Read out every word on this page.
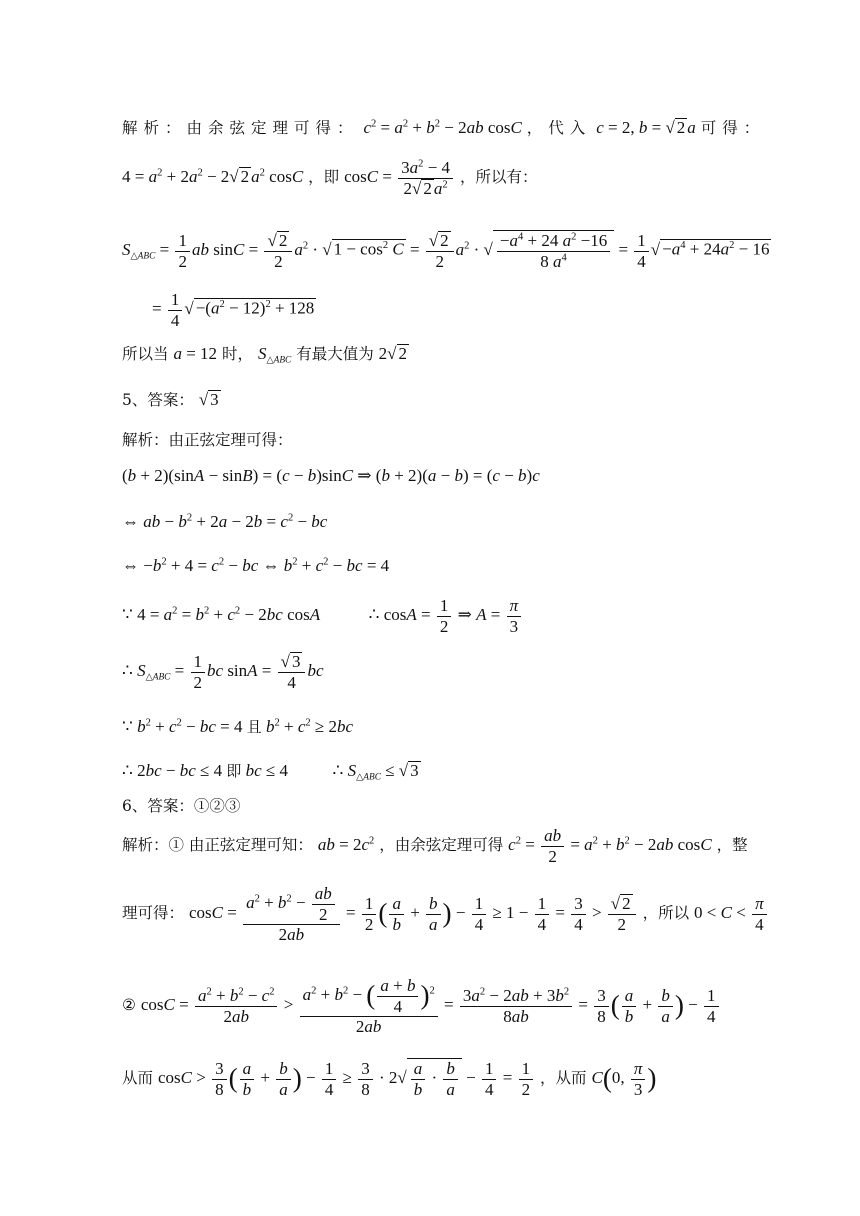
解析：由余弦定理可得： $c^2 = a^2 + b^2 - 2ab$ cosC ，代入 c = 2, b = √ 2 a 可得：
$4 = a^2 + 2a^2 - 2√$ 2 $a^2$ cosC ，即 $\cos C = \frac{3a^2 - 4}{2√ 2 a^2}$ ，所以有：
$S_{\triangle ABC} = \frac{1}{2}$ ab $\sin C = \frac{√ 2}{2} a^2$ · √ $1 - \cos^2 C = \frac{√ 2}{2} a^2$ · √ $\frac{-a^4 + 24 a^2 -16}{8 a^4} = \frac{1}{4}$ √ $-a^4 + 24a^2 - 16$
= $\frac{1}{4}$ √ $-(a^2 - 12)^2 + 128$
所以当 a = 12 时， $S_{\triangle ABC}$ 有最大值为 2√ 2
5、答案： √ 3
解析：由正弦定理可得：
(b + 2)(sinA − sinB) = (c − b)sinC ⇒ (b + 2)(a − b) = (c − b)c
⇔ ab − $b^2 + 2a - 2b = c^2$ − bc
⇔ $-b^2 + 4 = c^2$ − bc ⇔ $b^2 + c^2$ − bc = 4
∵ $4 = a^2 = b^2 + c^2 - 2bc$ cosA	∴ $\cos A = \frac{1}{2}$ ⇒ $A = \frac{\pi}{3}$
∴ $S_{\triangle ABC} = \frac{1}{2}$ bc $\sin A = \frac{√ 3}{4}$ bc
∵ $b^2 + c^2$ − bc = 4 且 $b^2 + c^2 \ge 2bc$
∴ 2bc − bc ≤ 4 即 bc ≤ 4  ∴ $S_{\triangle ABC}$ ≤ √ 3
6、答案：①②③
解析：① 由正弦定理可知： ab = $2c^2$ ，由余弦定理可得 $c^2 = \frac{ab}{2} = a^2 + b^2 - 2ab$ cosC ，整
理可得： $\cos C = \frac{a^2 + b^2 - \frac{ab}{2}}{2ab} = \frac{1}{2}$ ( $\frac{a}{b} + \frac{b}{a}$ ) − $\frac{1}{4} \ge 1 - \frac{1}{4} = \frac{3}{4} > \frac{√ 2}{2}$ ，所以 $0 < C < \frac{\pi}{4}$
② $\cos C = \frac{a^2 + b^2 - c^2}{2ab} > \frac{a^2 + b^2 - ( \frac{a + b}{4} )^2}{2ab} = \frac{3a^2 - 2ab + 3b^2}{8ab} = \frac{3}{8}$ ( $\frac{a}{b} + \frac{b}{a}$ ) − $\frac{1}{4}$
从而 $\cos C > \frac{3}{8}$ ( $\frac{a}{b} + \frac{b}{a}$ ) − $\frac{1}{4} \ge \frac{3}{8} \cdot 2√ \frac{a}{b} \cdot \frac{b}{a} - \frac{1}{4} = \frac{1}{2}$ ，从而 C(0, $\frac{\pi}{3}$ )
